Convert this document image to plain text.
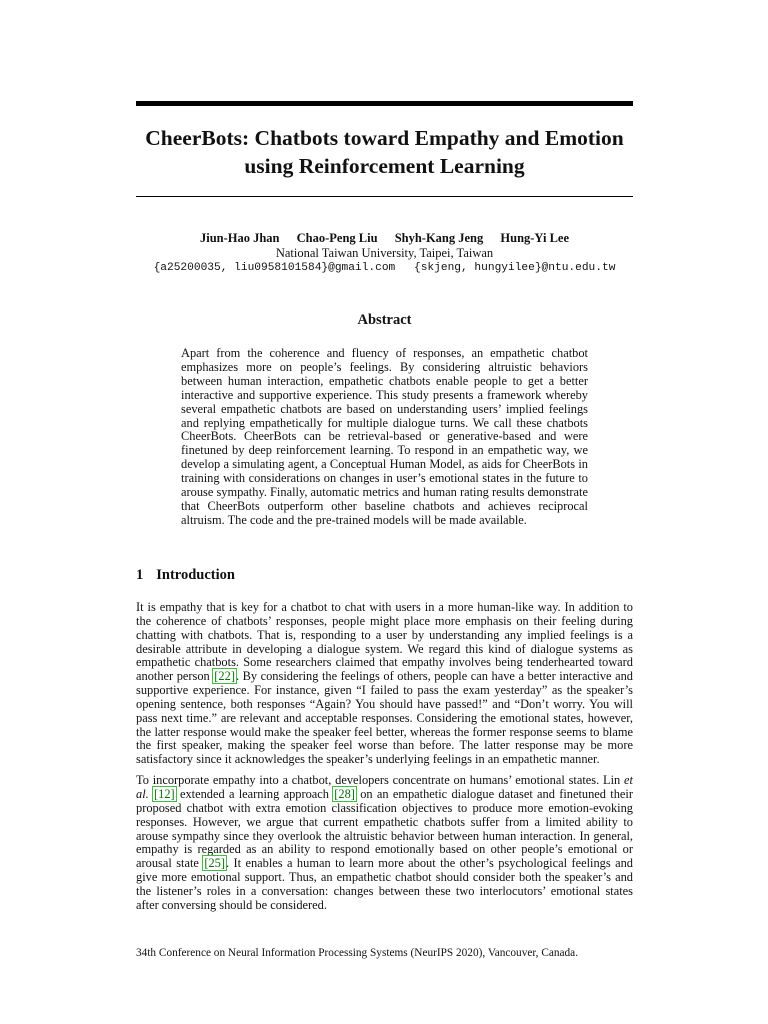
CheerBots: Chatbots toward Empathy and Emotion
using Reinforcement Learning
Jiun-Hao Jhan Chao-Peng Liu Shyh-Kang Jeng Hung-Yi Lee
National Taiwan University, Taipei, Taiwan
{a25200035, liu0958101584}@gmail.com {skjeng, hungyilee}@ntu.edu.tw
Abstract
Apart from the coherence and fluency of responses, an empathetic chatbot emphasizes more on people’s feelings. By considering altruistic behaviors between human interaction, empathetic chatbots enable people to get a better interactive and supportive experience. This study presents a framework whereby several empathetic chatbots are based on understanding users’ implied feelings and replying empathetically for multiple dialogue turns. We call these chatbots CheerBots. CheerBots can be retrieval-based or generative-based and were finetuned by deep reinforcement learning. To respond in an empathetic way, we develop a simulating agent, a Conceptual Human Model, as aids for CheerBots in training with considerations on changes in user’s emotional states in the future to arouse sympathy. Finally, automatic metrics and human rating results demonstrate that CheerBots outperform other baseline chatbots and achieves reciprocal altruism. The code and the pre-trained models will be made available.
1 Introduction

It is empathy that is key for a chatbot to chat with users in a more human-like way. In addition to the coherence of chatbots’ responses, people might place more emphasis on their feeling during chatting with chatbots. That is, responding to a user by understanding any implied feelings is a desirable attribute in developing a dialogue system. We regard this kind of dialogue systems as empathetic chatbots. Some researchers claimed that empathy involves being tenderhearted toward another person [22]. By considering the feelings of others, people can have a better interactive and supportive experience. For instance, given “I failed to pass the exam yesterday” as the speaker’s opening sentence, both responses “Again? You should have passed!” and “Don’t worry. You will pass next time.” are relevant and acceptable responses. Considering the emotional states, however, the latter response would make the speaker feel better, whereas the former response seems to blame the first speaker, making the speaker feel worse than before. The latter response may be more satisfactory since it acknowledges the speaker’s underlying feelings in an empathetic manner.

To incorporate empathy into a chatbot, developers concentrate on humans’ emotional states. Lin et al. [12] extended a learning approach [28] on an empathetic dialogue dataset and finetuned their proposed chatbot with extra emotion classification objectives to produce more emotion-evoking responses. However, we argue that current empathetic chatbots suffer from a limited ability to arouse sympathy since they overlook the altruistic behavior between human interaction. In general, empathy is regarded as an ability to respond emotionally based on other people’s emotional or arousal state [25]. It enables a human to learn more about the other’s psychological feelings and give more emotional support. Thus, an empathetic chatbot should consider both the speaker’s and the listener’s roles in a conversation: changes between these two interlocutors’ emotional states after conversing should be considered.

34th Conference on Neural Information Processing Systems (NeurIPS 2020), Vancouver, Canada.
